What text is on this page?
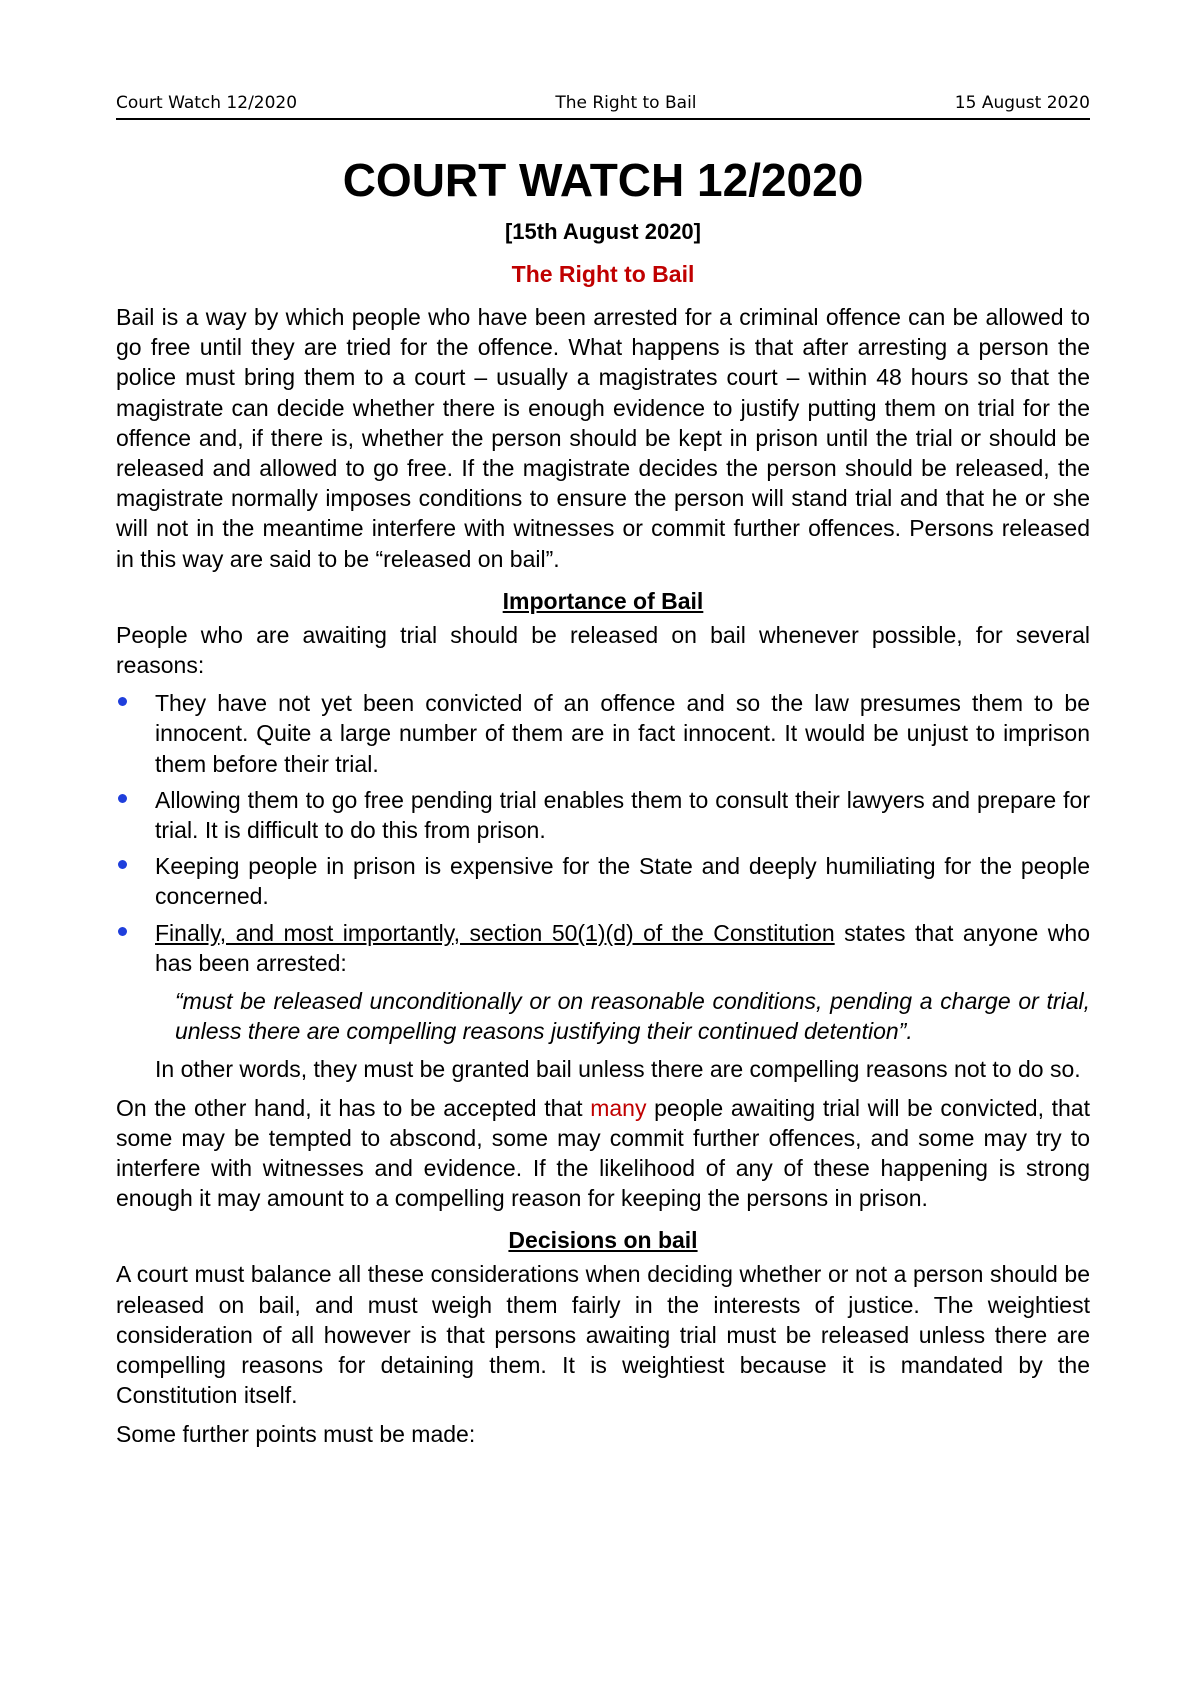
Court Watch 12/2020	The Right to Bail	15 August 2020
COURT WATCH 12/2020
[15th August 2020]
The Right to Bail

Bail is a way by which people who have been arrested for a criminal offence can be allowed to go free until they are tried for the offence. What happens is that after arresting a person the police must bring them to a court – usually a magistrates court – within 48 hours so that the magistrate can decide whether there is enough evidence to justify putting them on trial for the offence and, if there is, whether the person should be kept in prison until the trial or should be released and allowed to go free. If the magistrate decides the person should be released, the magistrate normally imposes conditions to ensure the person will stand trial and that he or she will not in the meantime interfere with witnesses or commit further offences. Persons released in this way are said to be “released on bail”.

Importance of Bail

People who are awaiting trial should be released on bail whenever possible, for several reasons:

They have not yet been convicted of an offence and so the law presumes them to be innocent. Quite a large number of them are in fact innocent. It would be unjust to imprison them before their trial.
Allowing them to go free pending trial enables them to consult their lawyers and prepare for trial. It is difficult to do this from prison.
Keeping people in prison is expensive for the State and deeply humiliating for the people concerned.
Finally, and most importantly, section 50(1)(d) of the Constitution states that anyone who has been arrested:
“must be released unconditionally or on reasonable conditions, pending a charge or trial, unless there are compelling reasons justifying their continued detention”.

In other words, they must be granted bail unless there are compelling reasons not to do so.

On the other hand, it has to be accepted that many people awaiting trial will be convicted, that some may be tempted to abscond, some may commit further offences, and some may try to interfere with witnesses and evidence. If the likelihood of any of these happening is strong enough it may amount to a compelling reason for keeping the persons in prison.

Decisions on bail

A court must balance all these considerations when deciding whether or not a person should be released on bail, and must weigh them fairly in the interests of justice. The weightiest consideration of all however is that persons awaiting trial must be released unless there are compelling reasons for detaining them. It is weightiest because it is mandated by the Constitution itself.

Some further points must be made:
